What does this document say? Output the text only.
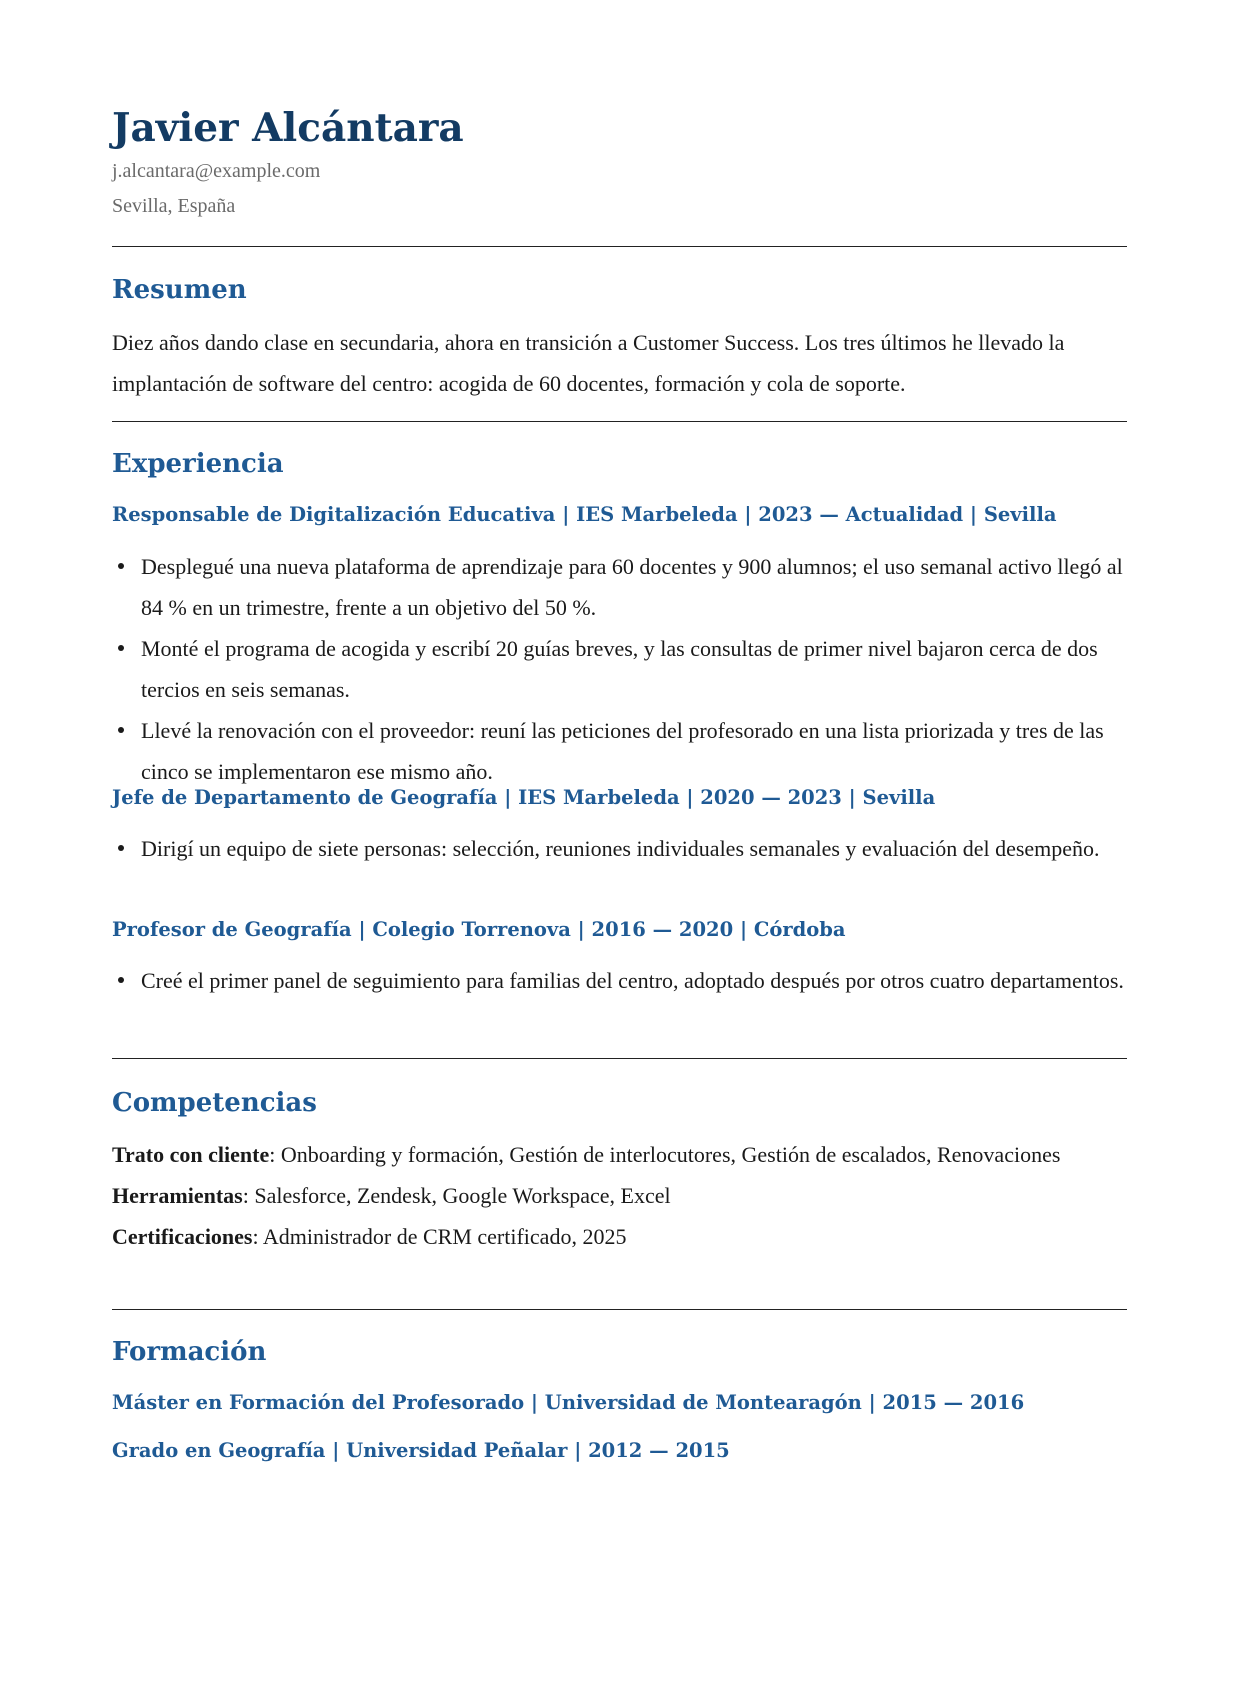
Javier Alcántara
j.alcantara@example.com
Sevilla, España
Resumen
Diez años dando clase en secundaria, ahora en transición a Customer Success. Los tres últimos he llevado la implantación de software del centro: acogida de 60 docentes, formación y cola de soporte.
Experiencia
Responsable de Digitalización Educativa | IES Marbeleda | 2023 — Actualidad | Sevilla
Desplegué una nueva plataforma de aprendizaje para 60 docentes y 900 alumnos; el uso semanal activo llegó al 84 % en un trimestre, frente a un objetivo del 50 %.
Monté el programa de acogida y escribí 20 guías breves, y las consultas de primer nivel bajaron cerca de dos tercios en seis semanas.
Llevé la renovación con el proveedor: reuní las peticiones del profesorado en una lista priorizada y tres de las cinco se implementaron ese mismo año.
Jefe de Departamento de Geografía | IES Marbeleda | 2020 — 2023 | Sevilla
Dirigí un equipo de siete personas: selección, reuniones individuales semanales y evaluación del desempeño.
Profesor de Geografía | Colegio Torrenova | 2016 — 2020 | Córdoba
Creé el primer panel de seguimiento para familias del centro, adoptado después por otros cuatro departamentos.
Competencias
Trato con cliente: Onboarding y formación, Gestión de interlocutores, Gestión de escalados, Renovaciones
Herramientas: Salesforce, Zendesk, Google Workspace, Excel
Certificaciones: Administrador de CRM certificado, 2025
Formación
Máster en Formación del Profesorado | Universidad de Montearagón | 2015 — 2016
Grado en Geografía | Universidad Peñalar | 2012 — 2015
